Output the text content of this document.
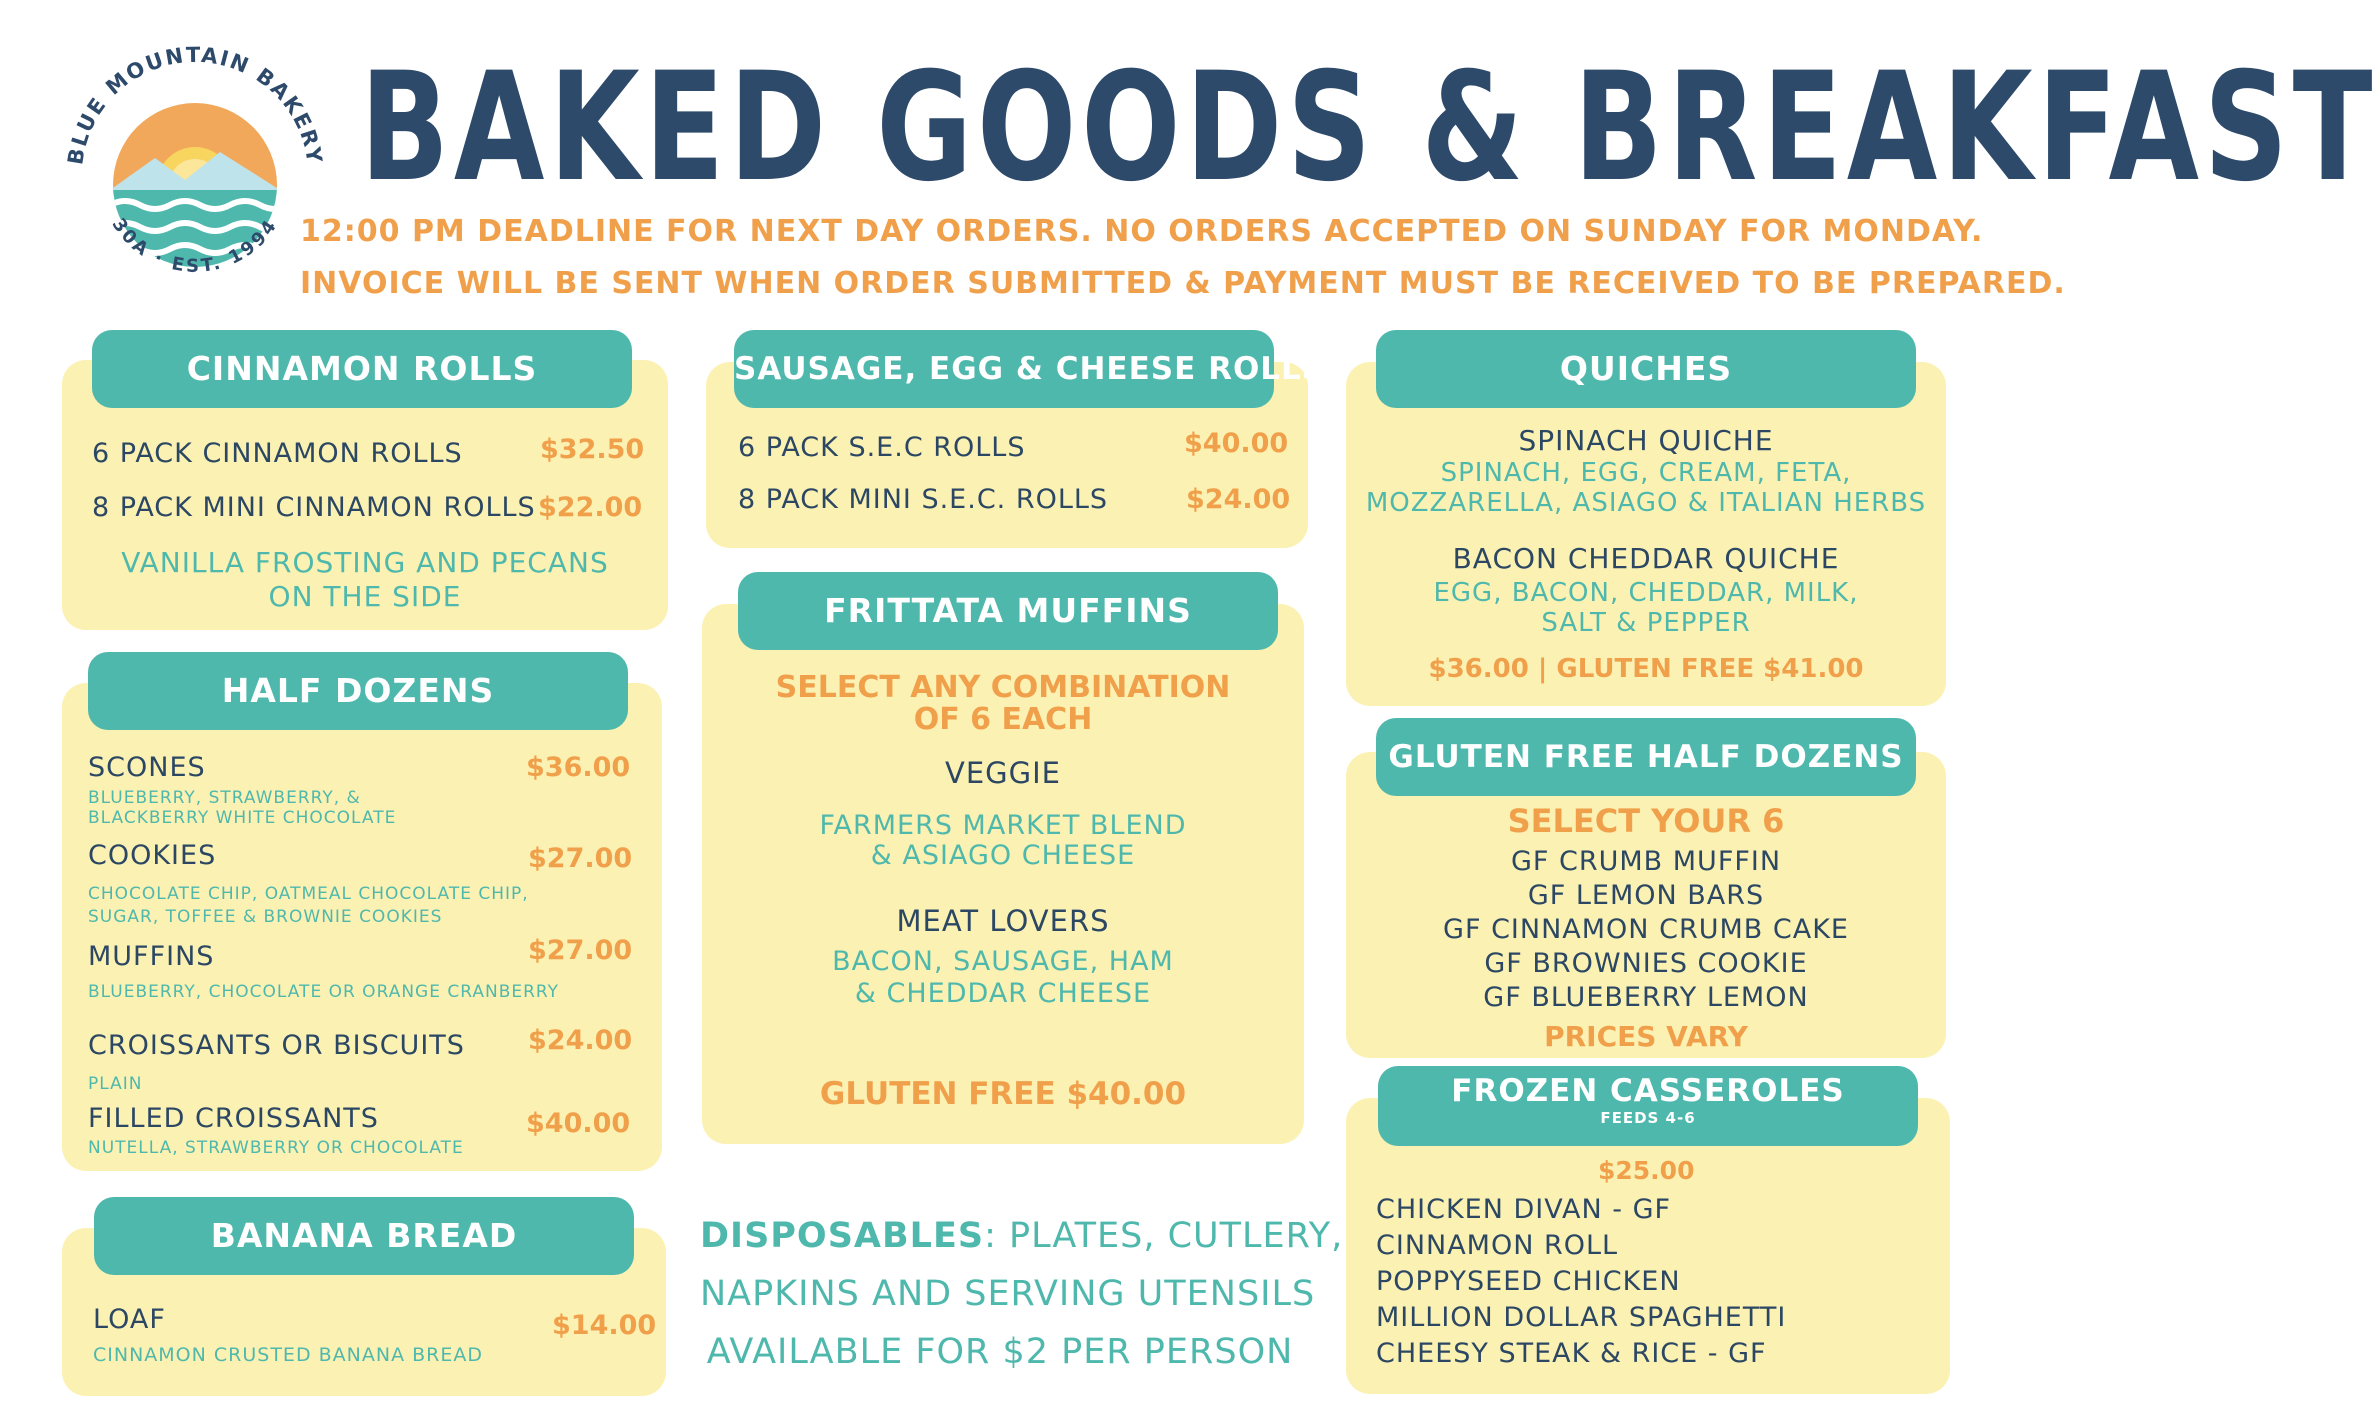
BLUE MOUNTAIN BAKERY
30A · EST. 1994
BAKED GOODS & BREAKFAST
12:00 PM DEADLINE FOR NEXT DAY ORDERS. NO ORDERS ACCEPTED ON SUNDAY FOR MONDAY.
INVOICE WILL BE SENT WHEN ORDER SUBMITTED & PAYMENT MUST BE RECEIVED TO BE PREPARED.
CINNAMON ROLLS
6 PACK CINNAMON ROLLS	$32.50
8 PACK MINI CINNAMON ROLLS $22.00
VANILLA FROSTING AND PECANS
ON THE SIDE
HALF DOZENS
SCONES	$36.00
BLUEBERRY, STRAWBERRY, &
BLACKBERRY WHITE CHOCOLATE
COOKIES	$27.00
CHOCOLATE CHIP, OATMEAL CHOCOLATE CHIP,
SUGAR, TOFFEE & BROWNIE COOKIES
MUFFINS	$27.00
BLUEBERRY, CHOCOLATE OR ORANGE CRANBERRY
CROISSANTS OR BISCUITS $24.00
PLAIN
FILLED CROISSANTS	$40.00
NUTELLA, STRAWBERRY OR CHOCOLATE
BANANA BREAD
LOAF	$14.00
CINNAMON CRUSTED BANANA BREAD
SAUSAGE, EGG & CHEESE ROLLS
6 PACK S.E.C ROLLS	$40.00
8 PACK MINI S.E.C. ROLLS	$24.00
FRITTATA MUFFINS
SELECT ANY COMBINATION
OF 6 EACH
VEGGIE
FARMERS MARKET BLEND
& ASIAGO CHEESE
MEAT LOVERS
BACON, SAUSAGE, HAM
& CHEDDAR CHEESE
GLUTEN FREE $40.00
DISPOSABLES: PLATES, CUTLERY,
NAPKINS AND SERVING UTENSILS
AVAILABLE FOR $2 PER PERSON
QUICHES
SPINACH QUICHE
SPINACH, EGG, CREAM, FETA,
MOZZARELLA, ASIAGO & ITALIAN HERBS
BACON CHEDDAR QUICHE
EGG, BACON, CHEDDAR, MILK,
SALT & PEPPER
$36.00 | GLUTEN FREE $41.00
GLUTEN FREE HALF DOZENS
SELECT YOUR 6
GF CRUMB MUFFIN
GF LEMON BARS
GF CINNAMON CRUMB CAKE
GF BROWNIES COOKIE
GF BLUEBERRY LEMON
PRICES VARY
FROZEN CASSEROLES
FEEDS 4-6
$25.00
CHICKEN DIVAN - GF
CINNAMON ROLL
POPPYSEED CHICKEN
MILLION DOLLAR SPAGHETTI
CHEESY STEAK & RICE - GF
